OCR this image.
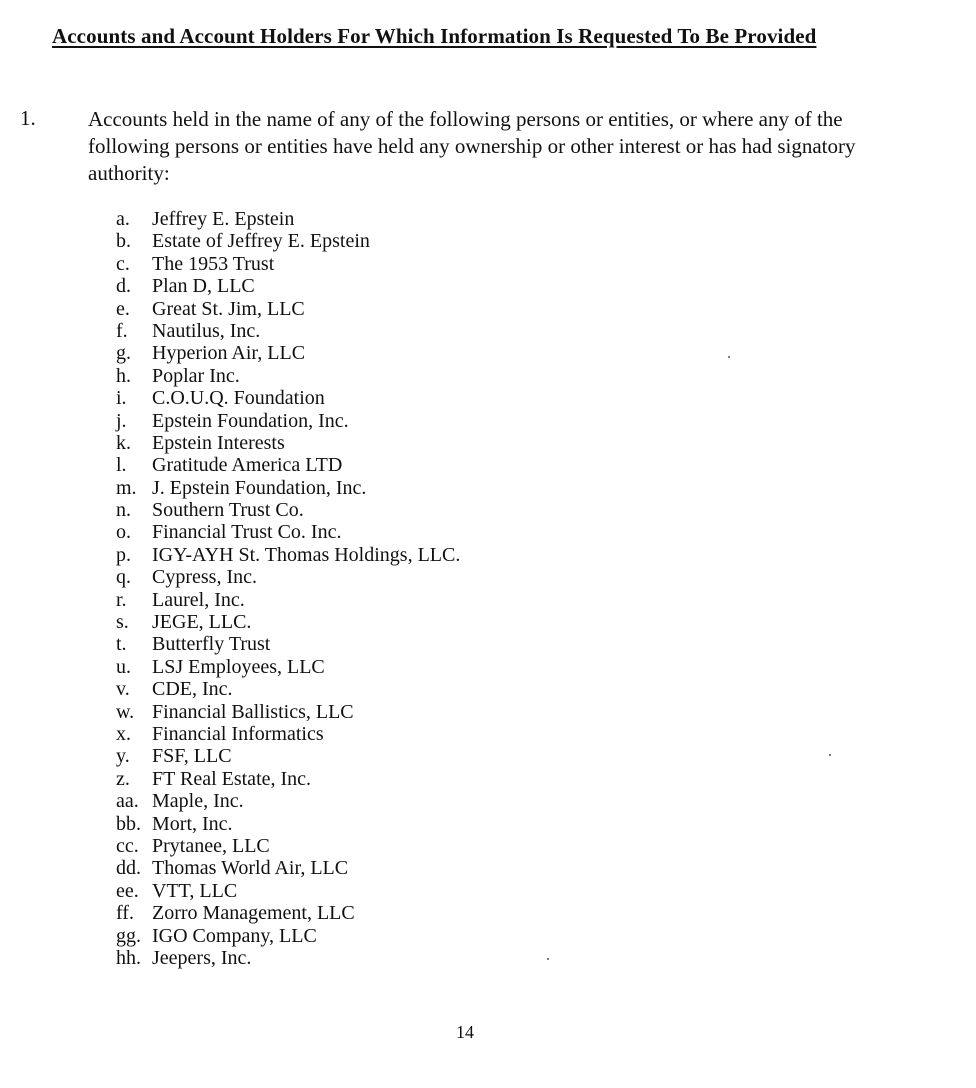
Accounts and Account Holders For Which Information Is Requested To Be Provided
1. Accounts held in the name of any of the following persons or entities, or where any of the following persons or entities have held any ownership or other interest or has had signatory authority:
a.	Jeffrey E. Epstein
b.	Estate of Jeffrey E. Epstein
c.	The 1953 Trust
d.	Plan D, LLC
e.	Great St. Jim, LLC
f.	Nautilus, Inc.
g.	Hyperion Air, LLC
h.	Poplar Inc.
i.	C.O.U.Q. Foundation
j.	Epstein Foundation, Inc.
k.	Epstein Interests
l.	Gratitude America LTD
m. J. Epstein Foundation, Inc.
n.	Southern Trust Co.
o.	Financial Trust Co. Inc.
p.	IGY-AYH St. Thomas Holdings, LLC.
q.	Cypress, Inc.
r.	Laurel, Inc.
s.	JEGE, LLC.
t.	Butterfly Trust
u.	LSJ Employees, LLC
v.	CDE, Inc.
w. Financial Ballistics, LLC
x.	Financial Informatics
y.	FSF, LLC
z.	FT Real Estate, Inc.
aa. Maple, Inc.
bb. Mort, Inc.
cc. Prytanee, LLC
dd. Thomas World Air, LLC
ee. VTT, LLC
ff. Zorro Management, LLC
gg. IGO Company, LLC
hh. Jeepers, Inc.
14
